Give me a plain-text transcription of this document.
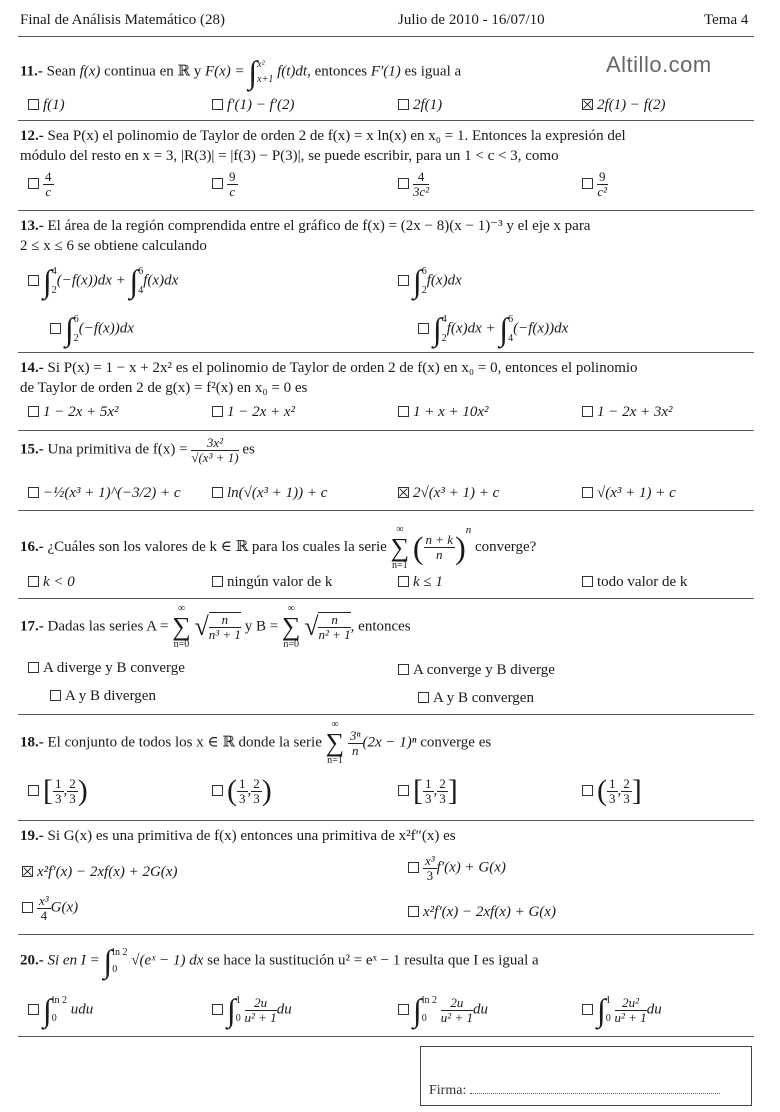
Final de Análisis Matemático (28)	Julio de 2010 - 16/07/10	Tema 4
Altillo.com
11.- Sean f(x) continua en ℝ y F(x) = ∫ x²
x+1
f(t)dt, entonces F′(1) es igual a
f(1)	f′(1) − f′(2)	2f(1)	2f(1) − f(2)
12.- Sea P(x) el polinomio de Taylor de orden 2 de f(x) = x ln(x) en x₀ = 1. Entonces la expresión del
módulo del resto en x = 3, |R(3)| = |f(3) − P(3)|, se puede escribir, para un 1 < c < 3, como
$\frac{4}{c}$	$\frac{9}{c}$	$\frac{4}{\text{3c²}}$	$\frac{9}{\text{c²}}$
13.- El área de la región comprendida entre el gráfico de f(x) = (2x − 8)(x − 1)⁻³ y el eje x para
2 ≤ x ≤ 6 se obtiene calculando
∫ 4
2
(−f(x))dx + ∫ 6
4
f(x)dx	∫ 6
2
f(x)dx
∫ 6
2
(−f(x))dx	∫ 4
2
f(x)dx + ∫ 6
4
(−f(x))dx
14.- Si P(x) = 1 − x + 2x² es el polinomio de Taylor de orden 2 de f(x) en x₀ = 0, entonces el polinomio
de Taylor de orden 2 de g(x) = f²(x) en x₀ = 0 es
1 − 2x + 5x²	1 − 2x + x²	1 + x + 10x²	1 − 2x + 3x²
15.- Una primitiva de $f(x) = \frac{\text{3x²}}{\text{√(x³ + 1)}}$ es
−½(x³ + 1)^(−3/2) + c	ln(√(x³ + 1)) + c	2√(x³ + 1) + c	√(x³ + 1) + c
16.- ¿Cuáles son los valores de k ∈ ℝ para los cuales la serie
∞
∑
n=1 ( $\frac{n + k}{n} )^n$ converge?
k < 0	ningún valor de k	k ≤ 1	todo valor de k
17.- Dadas las series A =
∞
∑
n=0
√ $\frac{n}{\text{n³ + 1}}$ y B =
∞
∑
n=0
√ $\frac{n}{\text{n² + 1}}$ , entonces
A diverge y B converge	A converge y B diverge
A y B divergen	A y B convergen
18.- El conjunto de todos los x ∈ ℝ donde la serie
∞
∑
n=1

$\frac{\text{3ⁿ}}{n} (2x - 1)^n$ converge es
[ $\frac{1}{3}$ , $\frac{2}{3}$ )	( $\frac{1}{3}$ , $\frac{2}{3}$ )	[ $\frac{1}{3}$ , $\frac{2}{3}$ ]	( $\frac{1}{3}$ , $\frac{2}{3}$ ]
19.- Si G(x) es una primitiva de f(x) entonces una primitiva de x²f″(x) es
x²f′(x) − 2xf(x) + 2G(x)	$\frac{\text{x³}}{3} f'(x) + G(x)$
$\frac{\text{x³}}{4} G(x)$	x²f′(x) − 2xf(x) + G(x)
20.- Si en I = ∫ ln 2
0
√(eˣ − 1) dx se hace la sustitución u² = eˣ − 1 resulta que I es igual a
∫ ln 2
0
udu	∫ 1
0
$\frac{2u}{\text{u² + 1}}$ du	∫ ln 2
0
	$\frac{2u}{\text{u² + 1}}$ du	∫ 1
0
$\frac{\text{2u²}}{\text{u² + 1}}$ du
Firma:
